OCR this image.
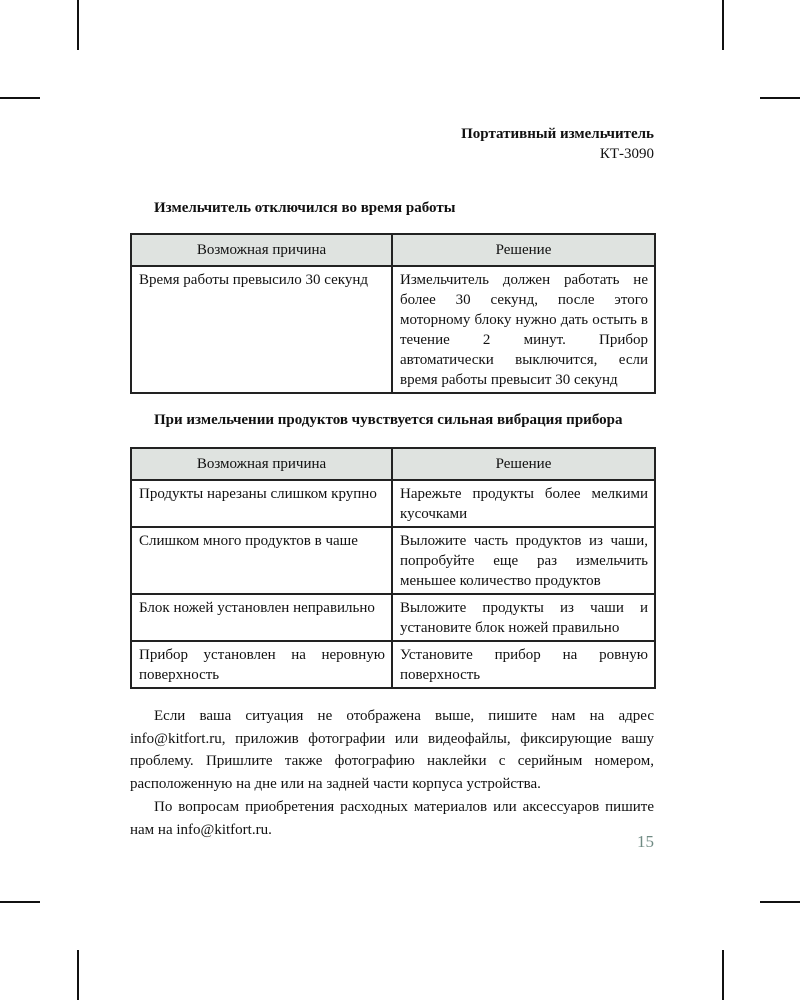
Портативный измельчитель
КТ-3090
Измельчитель отключился во время работы
Возможная причина	Решение
Время работы превысило 30 секунд	Измельчитель должен работать не более 30 секунд, после этого моторному блоку нужно дать остыть в течение 2 минут. Прибор автоматически выключится, если время работы превысит 30 секунд
При измельчении продуктов чувствуется сильная вибрация прибора
Возможная причина	Решение
Продукты нарезаны слишком крупно	Нарежьте продукты более мелкими кусочками
Слишком много продуктов в чаше	Выложите часть продуктов из чаши, попробуйте еще раз измельчить меньшее количество продуктов
Блок ножей установлен неправильно	Выложите продукты из чаши и установите блок ножей правильно
Прибор установлен на неровную поверхность	Установите прибор на ровную поверхность

Если ваша ситуация не отображена выше, пишите нам на адрес info@kitfort.ru, приложив фотографии или видеофайлы, фиксирующие вашу проблему. Пришлите также фотографию наклейки с серийным номером, расположенную на дне или на задней части корпуса устройства.

По вопросам приобретения расходных материалов или аксессуаров пишите нам на info@kitfort.ru.

15
